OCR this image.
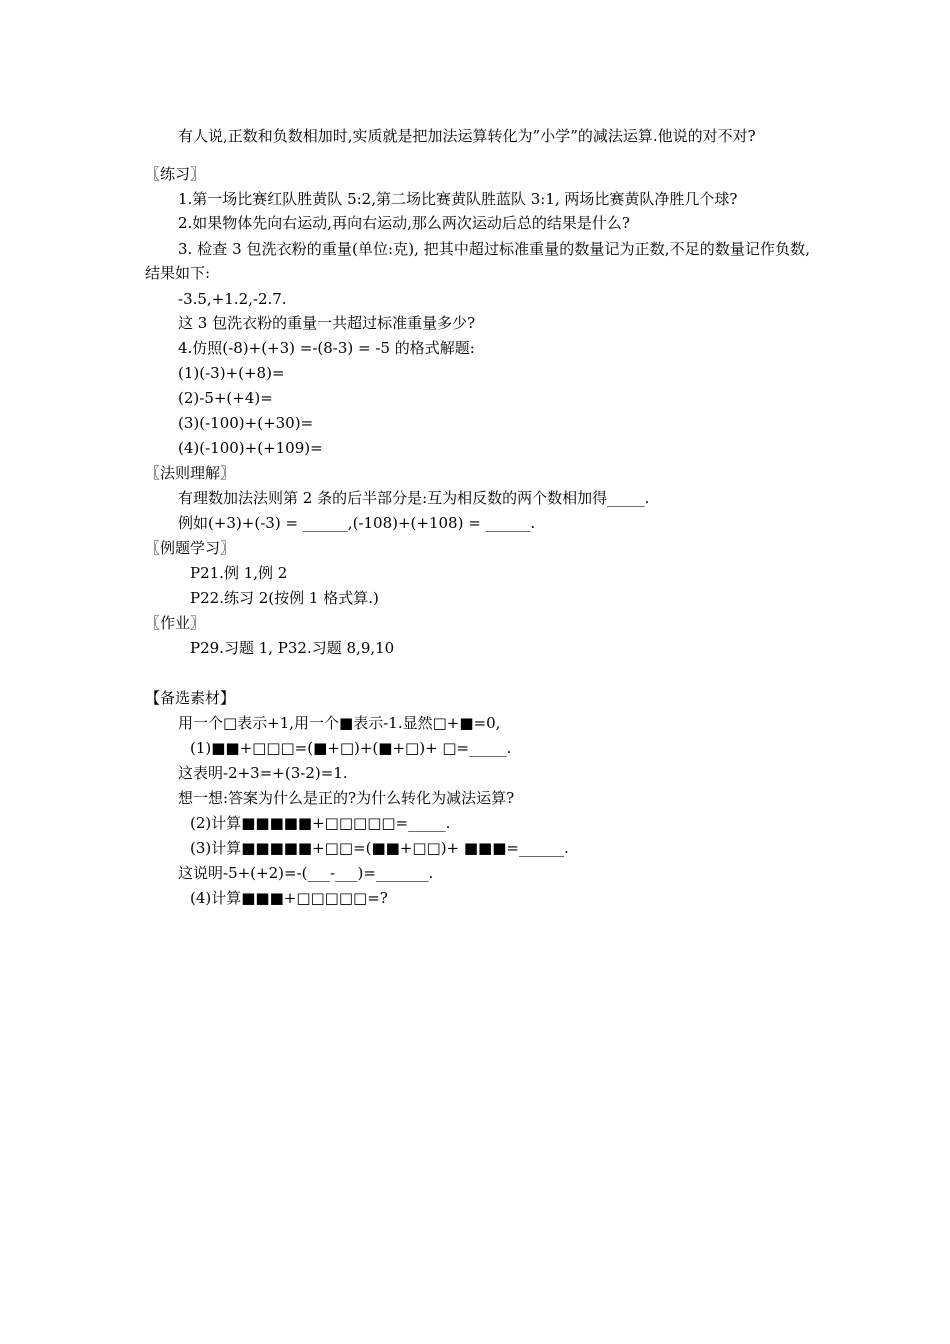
有人说,正数和负数相加时,实质就是把加法运算转化为”小学”的减法运算.他说的对不对?
〖练习〗
1.第一场比赛红队胜黄队 5:2,第二场比赛黄队胜蓝队 3:1, 两场比赛黄队净胜几个球?
2.如果物体先向右运动,再向右运动,那么两次运动后总的结果是什么?
3. 检查 3 包洗衣粉的重量(单位:克), 把其中超过标准重量的数量记为正数,不足的数量记作负数,结果如下:
-3.5,+1.2,-2.7.
这 3 包洗衣粉的重量一共超过标准重量多少?
4.仿照(-8)+(+3) =-(8-3) = -5 的格式解题:
(1)(-3)+(+8)=
(2)-5+(+4)=
(3)(-100)+(+30)=
(4)(-100)+(+109)=
〖法则理解〗
有理数加法法则第 2 条的后半部分是:互为相反数的两个数相加得_____.
例如(+3)+(-3) = ______,(-108)+(+108) = ______.
〖例题学习〗
P21.例 1,例 2
P22.练习 2(按例 1 格式算.)
〖作业〗
P29.习题 1, P32.习题 8,9,10
【备选素材】
用一个□表示+1,用一个■表示-1.显然□+■=0,
(1)■■+□□□=(■+□)+(■+□)+ □=_____.
这表明-2+3=+(3-2)=1.
想一想:答案为什么是正的?为什么转化为减法运算?
(2)计算■■■■■+□□□□□=_____.
(3)计算■■■■■+□□=(■■+□□)+ ■■■=______.
这说明-5+(+2)=-(___-___)=_______.
(4)计算■■■+□□□□□=?
